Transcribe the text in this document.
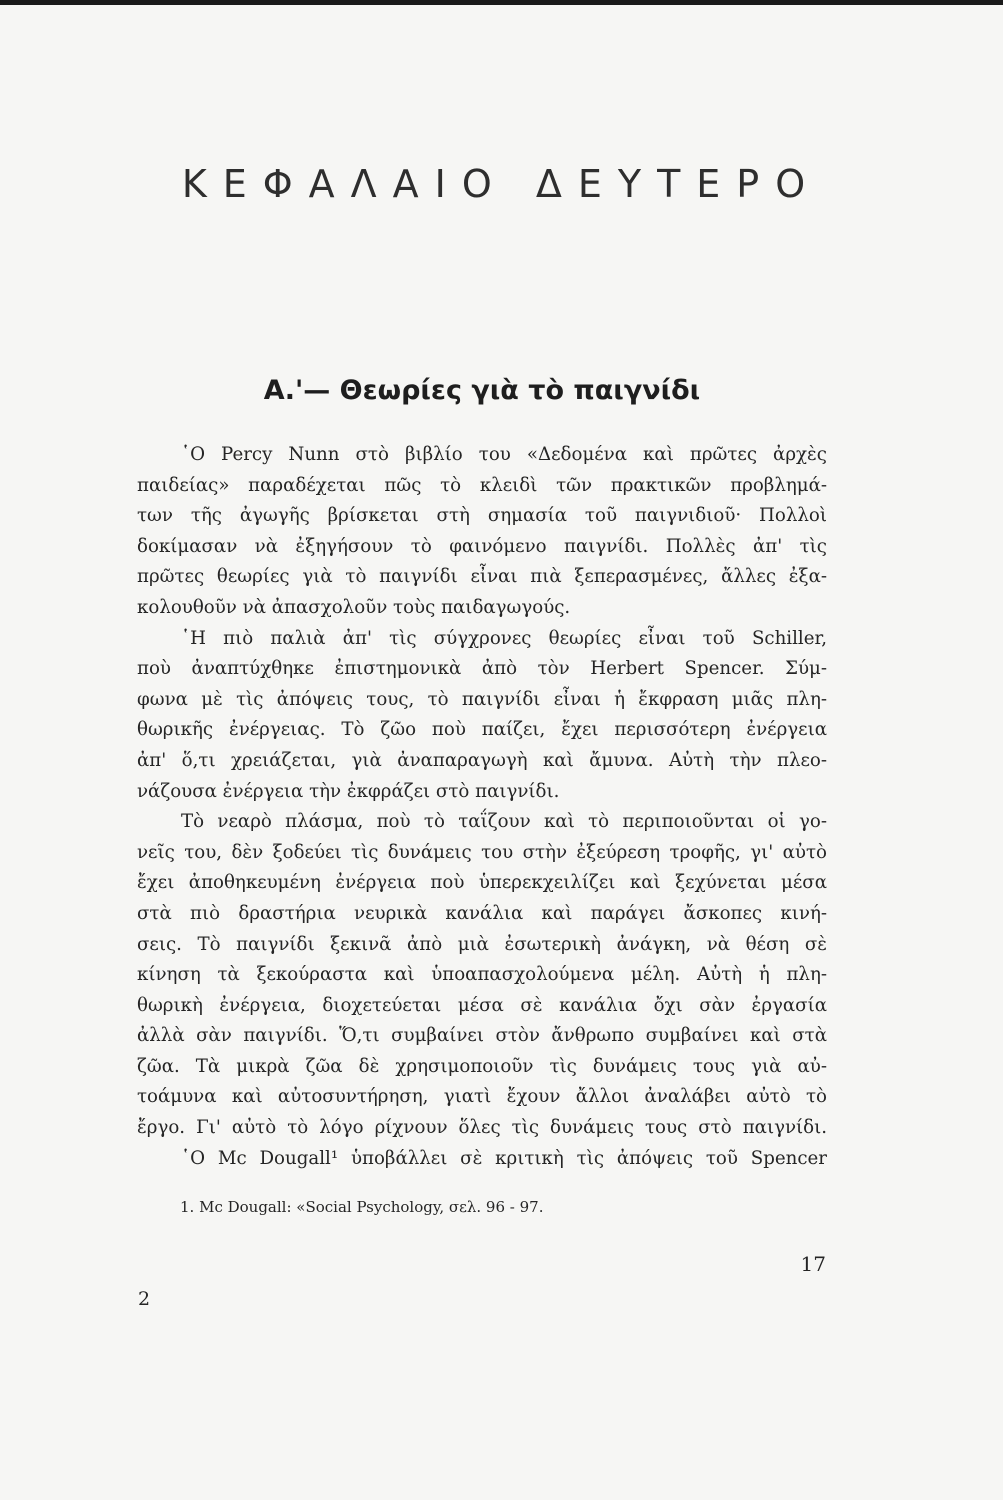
ΚΕΦΑΛΑΙΟ ΔΕΥΤΕΡΟ
Α.'— Θεωρίες γιὰ τὸ παιγνίδι
῾Ο Percy Nunn στὸ βιβλίο του «Δεδομένα καὶ πρῶτες ἀρχὲς
παιδείας» παραδέχεται πῶς τὸ κλειδὶ τῶν πρακτικῶν προβλημά-
των τῆς ἀγωγῆς βρίσκεται στὴ σημασία τοῦ παιγνιδιοῦ· Πολλοὶ
δοκίμασαν νὰ ἐξηγήσουν τὸ φαινόμενο παιγνίδι. Πολλὲς ἀπ' τὶς
πρῶτες θεωρίες γιὰ τὸ παιγνίδι εἶναι πιὰ ξεπερασμένες, ἄλλες ἐξα-
κολουθοῦν νὰ ἀπασχολοῦν τοὺς παιδαγωγούς.
῾Η πιὸ παλιὰ ἀπ' τὶς σύγχρονες θεωρίες εἶναι τοῦ Schiller,
ποὺ ἀναπτύχθηκε ἐπιστημονικὰ ἀπὸ τὸν Herbert Spencer. Σύμ-
φωνα μὲ τὶς ἀπόψεις τους, τὸ παιγνίδι εἶναι ἡ ἔκφραση μιᾶς πλη-
θωρικῆς ἐνέργειας. Τὸ ζῶο ποὺ παίζει, ἔχει περισσότερη ἐνέργεια
ἀπ' ὅ,τι χρειάζεται, γιὰ ἀναπαραγωγὴ καὶ ἄμυνα. Αὐτὴ τὴν πλεο-
νάζουσα ἐνέργεια τὴν ἐκφράζει στὸ παιγνίδι.
Τὸ νεαρὸ πλάσμα, ποὺ τὸ ταΐζουν καὶ τὸ περιποιοῦνται οἱ γο-
νεῖς του, δὲν ξοδεύει τὶς δυνάμεις του στὴν ἐξεύρεση τροφῆς, γι' αὐτὸ
ἔχει ἀποθηκευμένη ἐνέργεια ποὺ ὑπερεκχειλίζει καὶ ξεχύνεται μέσα
στὰ πιὸ δραστήρια νευρικὰ κανάλια καὶ παράγει ἄσκοπες κινή-
σεις. Τὸ παιγνίδι ξεκινᾶ ἀπὸ μιὰ ἐσωτερικὴ ἀνάγκη, νὰ θέση σὲ
κίνηση τὰ ξεκούραστα καὶ ὑποαπασχολούμενα μέλη. Αὐτὴ ἡ πλη-
θωρικὴ ἐνέργεια, διοχετεύεται μέσα σὲ κανάλια ὄχι σὰν ἐργασία
ἀλλὰ σὰν παιγνίδι. Ὅ,τι συμβαίνει στὸν ἄνθρωπο συμβαίνει καὶ στὰ
ζῶα. Τὰ μικρὰ ζῶα δὲ χρησιμοποιοῦν τὶς δυνάμεις τους γιὰ αὐ-
τοάμυνα καὶ αὐτοσυντήρηση, γιατὶ ἔχουν ἄλλοι ἀναλάβει αὐτὸ τὸ
ἔργο. Γι' αὐτὸ τὸ λόγο ρίχνουν ὅλες τὶς δυνάμεις τους στὸ παιγνίδι.
῾Ο Mc Dougall¹ ὑποβάλλει σὲ κριτικὴ τὶς ἀπόψεις τοῦ Spencer
1. Mc Dougall: «Social Psychology, σελ. 96 - 97.
17
2
